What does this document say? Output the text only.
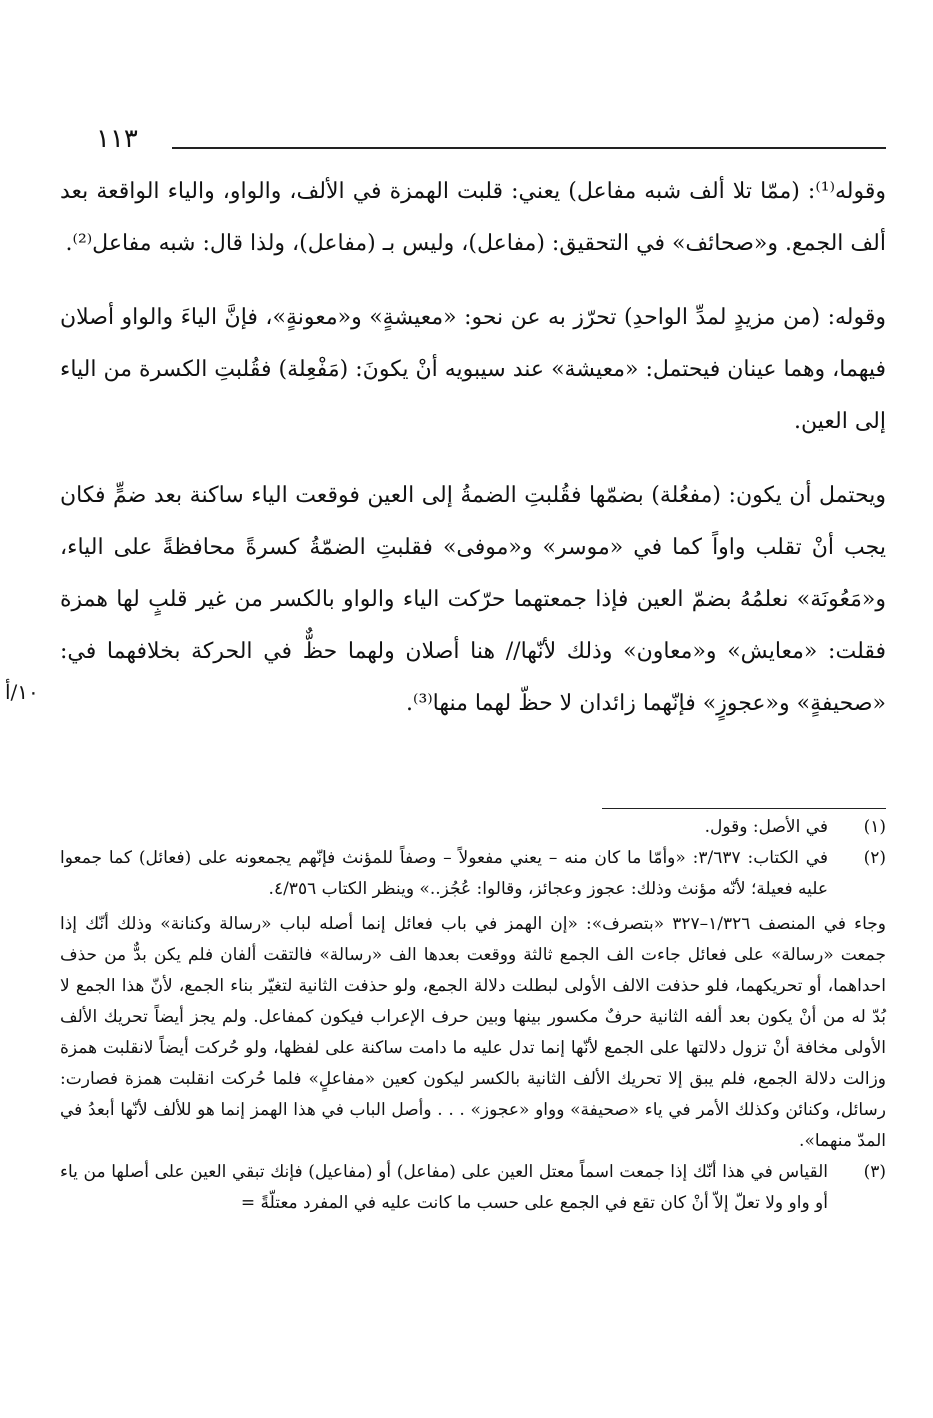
١١٣

وقوله⁽¹⁾: (ممّا تلا ألف شبه مفاعل) يعني: قلبت الهمزة في الألف، والواو، والياء الواقعة بعد ألف الجمع. و«صحائف» في التحقيق: (مفاعل)، وليس بـ (مفاعل)، ولذا قال: شبه مفاعل⁽²⁾.

وقوله: (من مزيدٍ لمدِّ الواحدِ) تحرّز به عن نحو: «معيشةٍ» و«معونةٍ»، فإنَّ الياءَ والواو أصلان فيهما، وهما عينان فيحتمل: «معيشة» عند سيبويه أنْ يكونَ: (مَفْعِلة) فقُلبتِ الكسرة من الياء إلى العين.

ويحتمل أن يكون: (مفعُلة) بضمّها فقُلبتِ الضمةُ إلى العين فوقعت الياء ساكنة بعد ضمٍّ فكان يجب أنْ تقلب واواً كما في «موسر» و«موفى» فقلبتِ الضمّةُ كسرةً محافظةً على الياء، و«مَعُونَة» نعلمُهُ بضمّ العين فإذا جمعتهما حرّكت الياء والواو بالكسر من غير قلبٍ لها همزة فقلت: «معايش» و«معاون» وذلك لأنّها// هنا أصلان ولهما حظٌّ في الحركة بخلافهما في: «صحيفةٍ» و«عجوزٍ» فإنّهما زائدان لا حظّ لهما منها⁽³⁾.

١٠/أ
(١)
في الأصل: وقول.
(٢)
في الكتاب: ٣/٦٣٧: «وأمّا ما كان منه – يعني مفعولاً – وصفاً للمؤنث فإنّهم يجمعونه على (فعائل) كما جمعوا عليه فعيلة؛ لأنّه مؤنث وذلك: عجوز وعجائز، وقالوا: عُجُز..» وينظر الكتاب ٤/٣٥٦.

وجاء في المنصف ١/٣٢٦–٣٢٧ «بتصرف»: «إن الهمز في باب فعائل إنما أصله لباب «رسالة وكنانة» وذلك أنّك إذا جمعت «رسالة» على فعائل جاءت الف الجمع ثالثة ووقعت بعدها الف «رسالة» فالتقت ألفان فلم يكن بدٌّ من حذف احداهما، أو تحريكهما، فلو حذفت الالف الأولى لبطلت دلالة الجمع، ولو حذفت الثانية لتغيّر بناء الجمع، لأنّ هذا الجمع لا بُدّ له من أنْ يكون بعد ألفه الثانية حرفٌ مكسور بينها وبين حرف الإعراب فيكون كمفاعل. ولم يجز أيضاً تحريك الألف الأولى مخافة أنْ تزول دلالتها على الجمع لأنّها إنما تدل عليه ما دامت ساكنة على لفظها، ولو حُركت أيضاً لانقلبت همزة وزالت دلالة الجمع، فلم يبق إلا تحريك الألف الثانية بالكسر ليكون كعين «مفاعلٍ» فلما حُركت انقلبت همزة فصارت: رسائل، وكنائن وكذلك الأمر في ياء «صحيفة» وواو «عجوز» . . . وأصل الباب في هذا الهمز إنما هو للألف لأنّها أبعدُ في المدّ منهما».

(٣)
القياس في هذا أنّك إذا جمعت اسماً معتل العين على (مفاعل) أو (مفاعيل) فإنك تبقي العين على أصلها من ياء أو واو ولا تعلّ إلاّ أنْ كان تقع في الجمع على حسب ما كانت عليه في المفرد معتلّةً =
